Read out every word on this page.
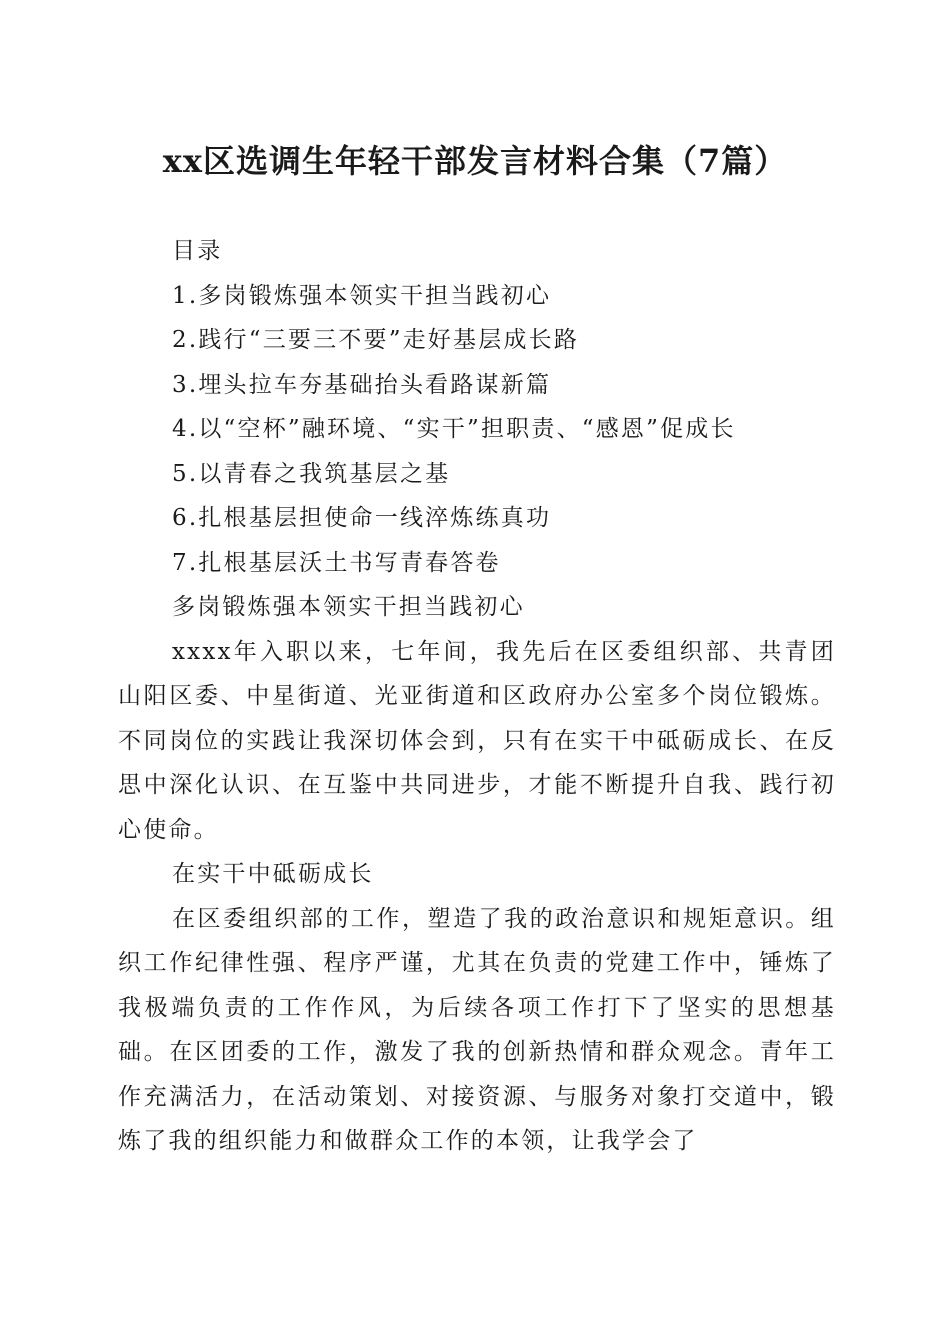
xx区选调生年轻干部发言材料合集（7篇）
目录
1.多岗锻炼强本领实干担当践初心
2.践行“三要三不要”走好基层成长路
3.埋头拉车夯基础抬头看路谋新篇
4.以“空杯”融环境、“实干”担职责、“感恩”促成长
5.以青春之我筑基层之基
6.扎根基层担使命一线淬炼练真功
7.扎根基层沃土书写青春答卷
多岗锻炼强本领实干担当践初心

xxxx年入职以来，七年间，我先后在区委组织部、共青团山阳区委、中星街道、光亚街道和区政府办公室多个岗位锻炼。不同岗位的实践让我深切体会到，只有在实干中砥砺成长、在反思中深化认识、在互鉴中共同进步，才能不断提升自我、践行初心使命。

在实干中砥砺成长

在区委组织部的工作，塑造了我的政治意识和规矩意识。组织工作纪律性强、程序严谨，尤其在负责的党建工作中，锤炼了我极端负责的工作作风，为后续各项工作打下了坚实的思想基础。在区团委的工作，激发了我的创新热情和群众观念。青年工作充满活力，在活动策划、对接资源、与服务对象打交道中，锻炼了我的组织能力和做群众工作的本领，让我学会了
